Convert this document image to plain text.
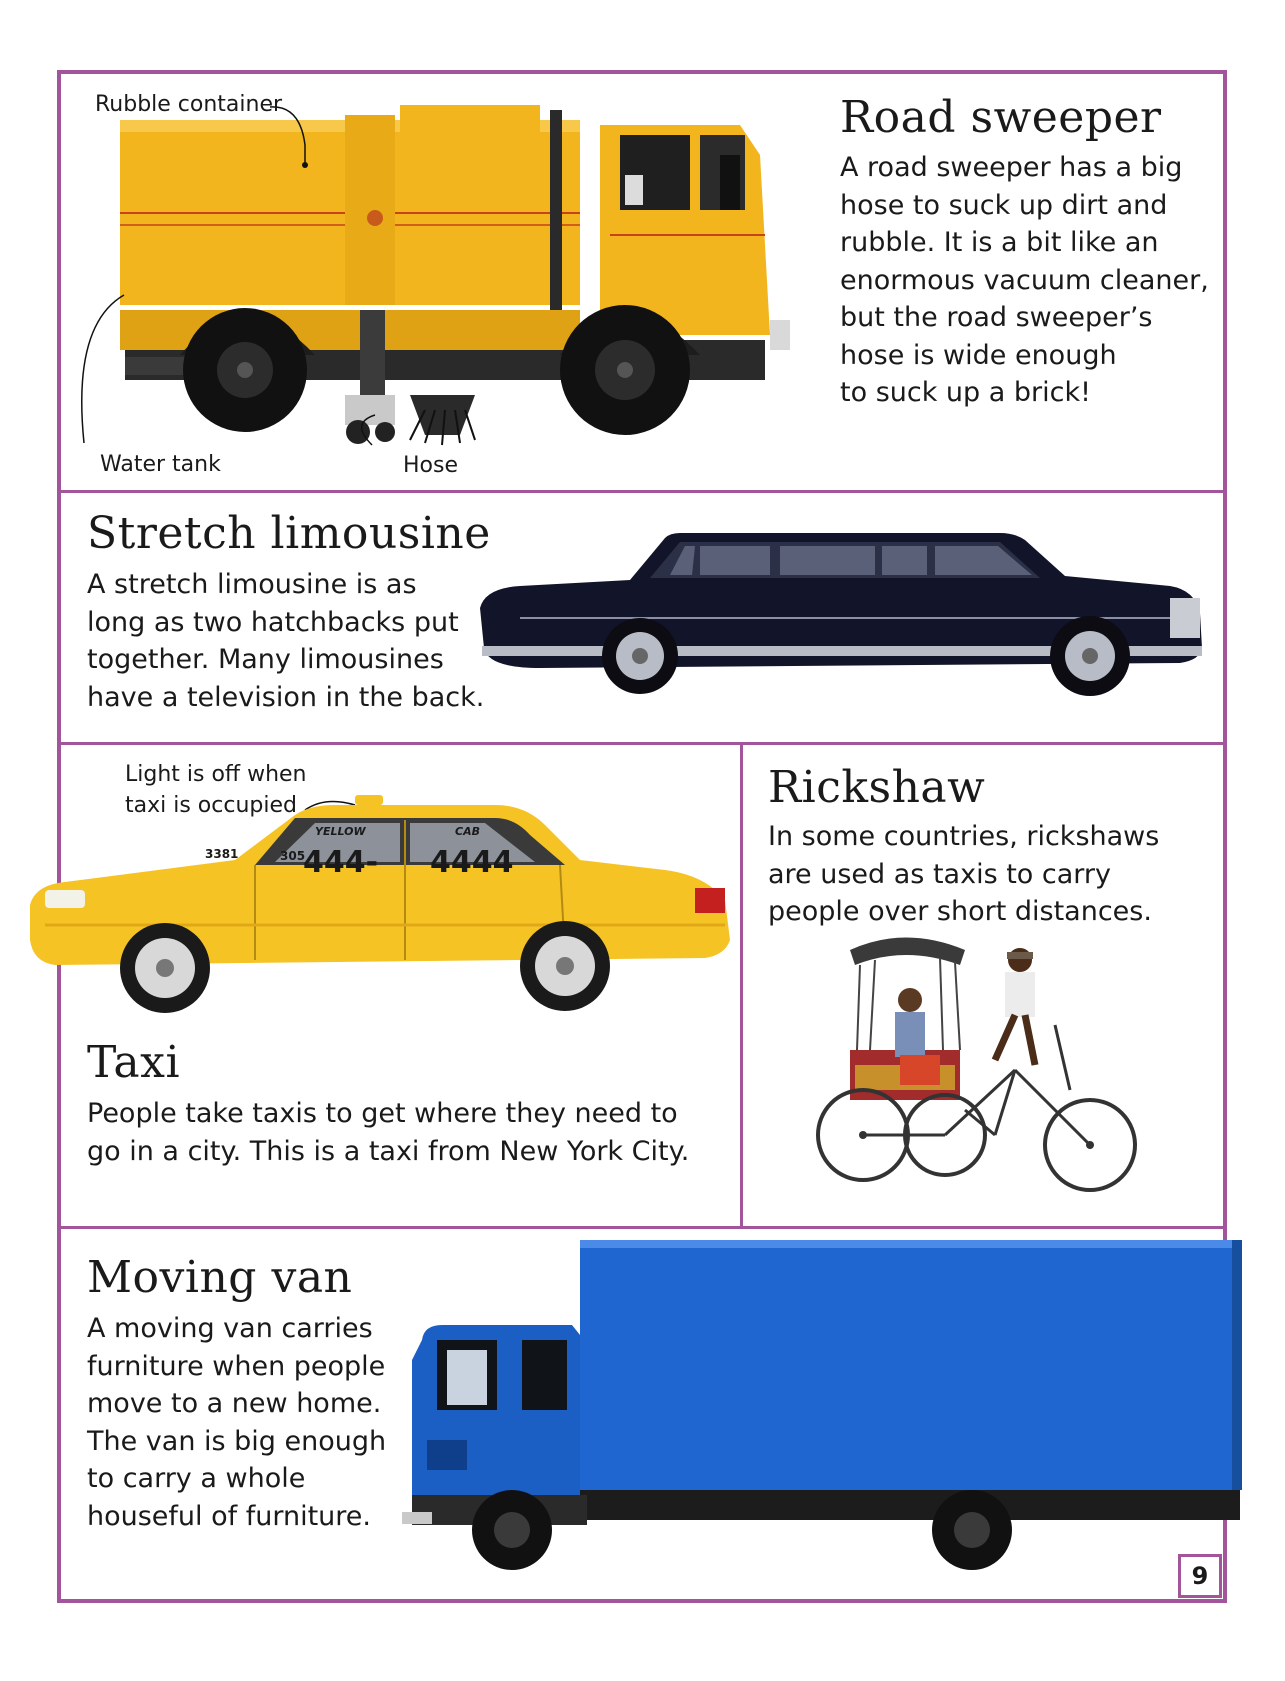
Rubble container
Water tank	Hose
Road sweeper
A road sweeper has a big
hose to suck up dirt and
rubble. It is a bit like an
enormous vacuum cleaner,
but the road sweeper’s
hose is wide enough
to suck up a brick!
Stretch limousine
A stretch limousine is as
long as two hatchbacks put
together. Many limousines
have a television in the back.
Light is off when
taxi is occupied
YELLOW	CAB
3381	305
444- 4444
Taxi
People take taxis to get where they need to
go in a city. This is a taxi from New York City.
Rickshaw
In some countries, rickshaws
are used as taxis to carry
people over short distances.
Moving van
A moving van carries
furniture when people
move to a new home.
The van is big enough
to carry a whole
houseful of furniture.
9
